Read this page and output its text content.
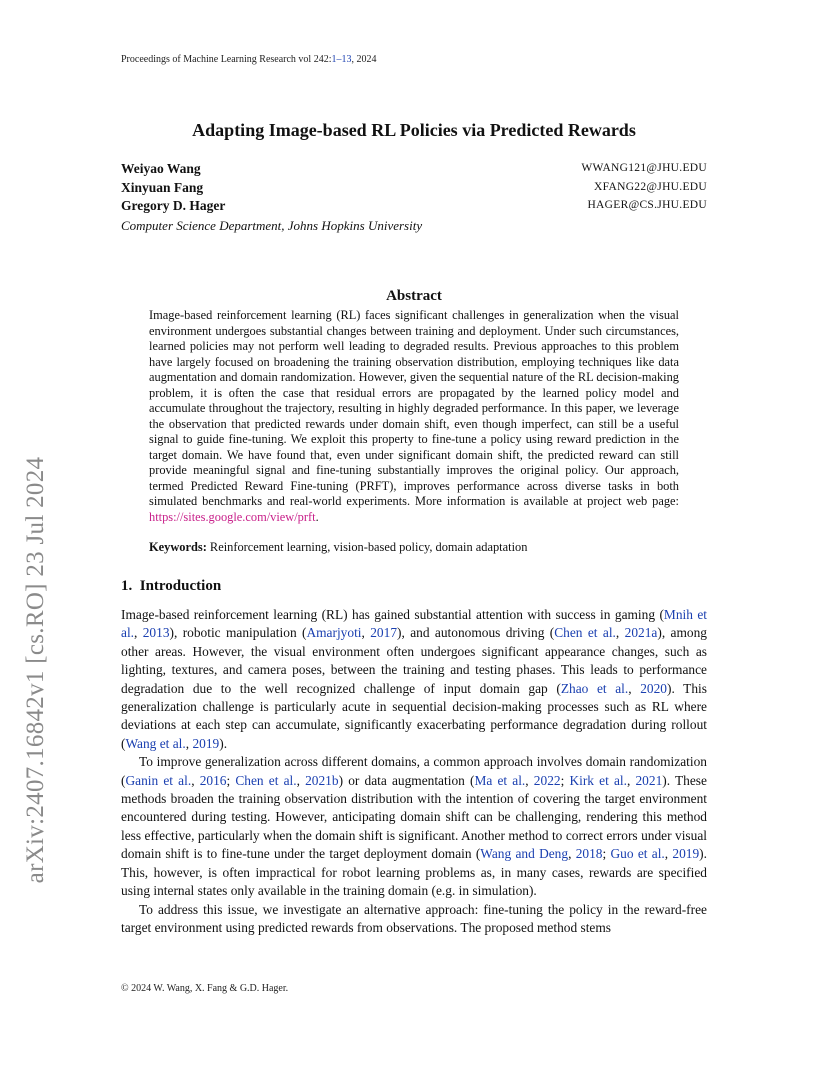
Proceedings of Machine Learning Research vol 242:1–13, 2024
arXiv:2407.16842v1 [cs.RO] 23 Jul 2024
Adapting Image-based RL Policies via Predicted Rewards
Weiyao Wang	WWANG121@JHU.EDU
Xinyuan Fang	XFANG22@JHU.EDU
Gregory D. Hager	HAGER@CS.JHU.EDU
Computer Science Department, Johns Hopkins University
Abstract
Image-based reinforcement learning (RL) faces significant challenges in generalization when the visual environment undergoes substantial changes between training and deployment. Under such circumstances, learned policies may not perform well leading to degraded results. Previous approaches to this problem have largely focused on broadening the training observation distribution, employing techniques like data augmentation and domain randomization. However, given the sequential nature of the RL decision-making problem, it is often the case that residual errors are propagated by the learned policy model and accumulate throughout the trajectory, resulting in highly degraded performance. In this paper, we leverage the observation that predicted rewards under domain shift, even though imperfect, can still be a useful signal to guide fine-tuning. We exploit this property to fine-tune a policy using reward prediction in the target domain. We have found that, even under significant domain shift, the predicted reward can still provide meaningful signal and fine-tuning substantially improves the original policy. Our approach, termed Predicted Reward Fine-tuning (PRFT), improves performance across diverse tasks in both simulated benchmarks and real-world experiments. More information is available at project web page: https://sites.google.com/view/prft.
Keywords: Reinforcement learning, vision-based policy, domain adaptation
1. Introduction

Image-based reinforcement learning (RL) has gained substantial attention with success in gaming (Mnih et al., 2013), robotic manipulation (Amarjyoti, 2017), and autonomous driving (Chen et al., 2021a), among other areas. However, the visual environment often undergoes significant appearance changes, such as lighting, textures, and camera poses, between the training and testing phases. This leads to performance degradation due to the well recognized challenge of input domain gap (Zhao et al., 2020). This generalization challenge is particularly acute in sequential decision-making processes such as RL where deviations at each step can accumulate, significantly exacerbating performance degradation during rollout (Wang et al., 2019).

To improve generalization across different domains, a common approach involves domain randomization (Ganin et al., 2016; Chen et al., 2021b) or data augmentation (Ma et al., 2022; Kirk et al., 2021). These methods broaden the training observation distribution with the intention of covering the target environment encountered during testing. However, anticipating domain shift can be challenging, rendering this method less effective, particularly when the domain shift is significant. Another method to correct errors under visual domain shift is to fine-tune under the target deployment domain (Wang and Deng, 2018; Guo et al., 2019). This, however, is often impractical for robot learning problems as, in many cases, rewards are specified using internal states only available in the training domain (e.g. in simulation).

To address this issue, we investigate an alternative approach: fine-tuning the policy in the reward-free target environment using predicted rewards from observations. The proposed method stems

© 2024 W. Wang, X. Fang & G.D. Hager.
